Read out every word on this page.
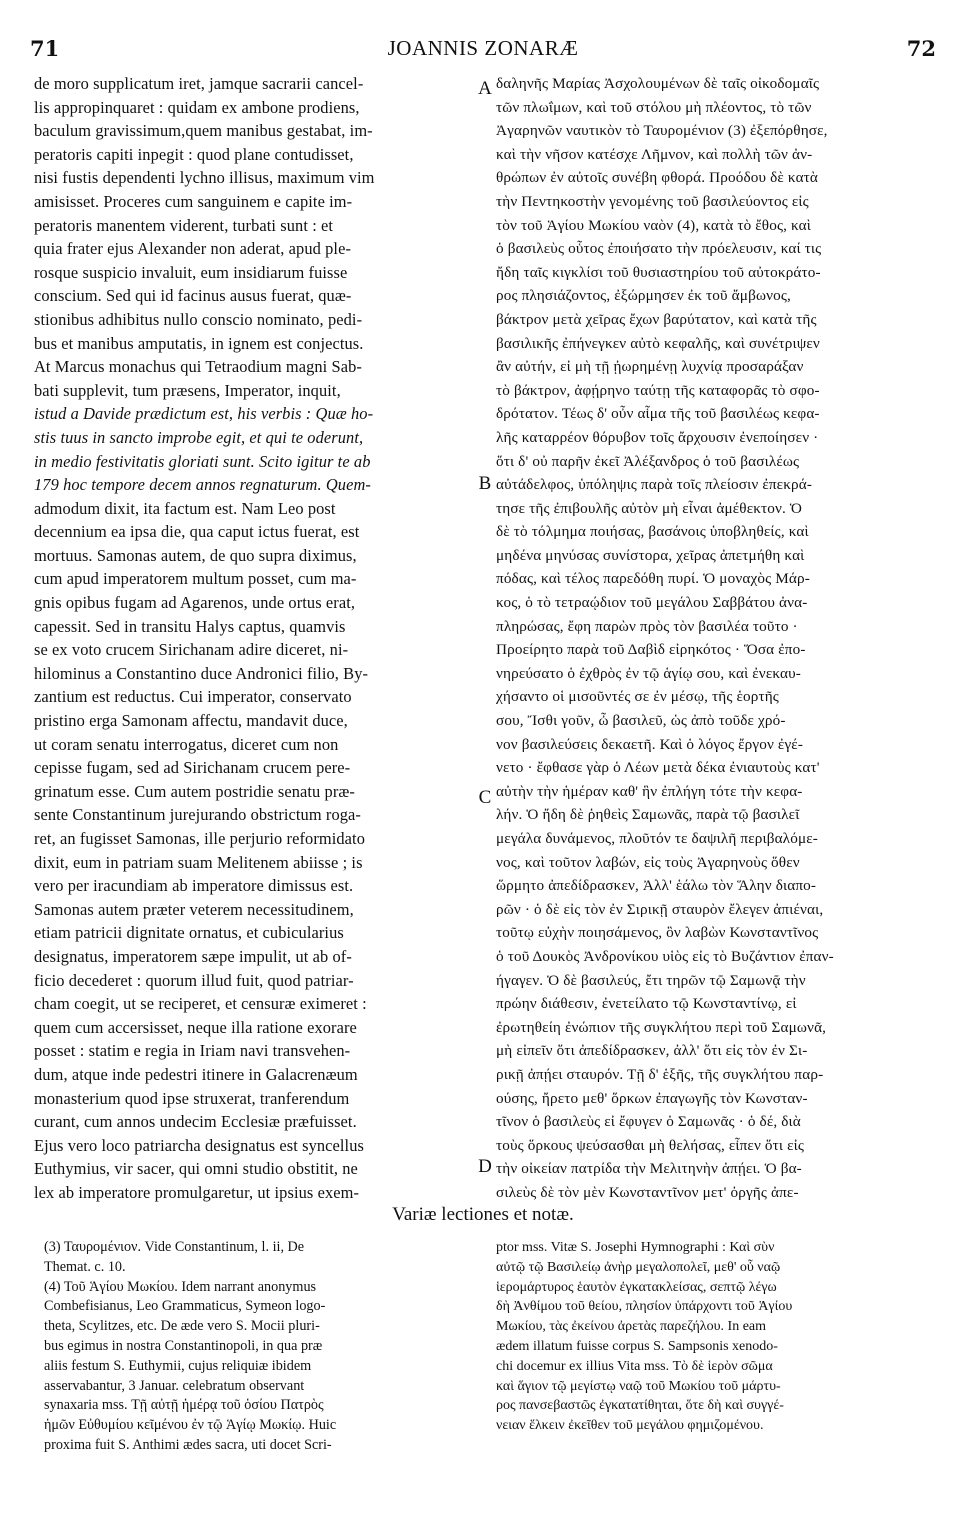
71	JOANNIS ZONARÆ	72
de moro supplicatum iret, jamque sacrarii cancel-
lis appropinquaret : quidam ex ambone prodiens,
baculum gravissimum,quem manibus gestabat, im-
peratoris capiti inpegit : quod plane contudisset,
nisi fustis dependenti lychno illisus, maximum vim
amisisset. Proceres cum sanguinem e capite im-
peratoris manentem viderent, turbati sunt : et
quia frater ejus Alexander non aderat, apud ple-
rosque suspicio invaluit, eum insidiarum fuisse
conscium. Sed qui id facinus ausus fuerat, quæ-
stionibus adhibitus nullo conscio nominato, pedi-
bus et manibus amputatis, in ignem est conjectus.
At Marcus monachus qui Tetraodium magni Sab-
bati supplevit, tum præsens, Imperator, inquit,
istud a Davide prædictum est, his verbis : Quæ ho-
stis tuus in sancto improbe egit, et qui te oderunt,
in medio festivitatis gloriati sunt. Scito igitur te ab
179 hoc tempore decem annos regnaturum. Quem-
admodum dixit, ita factum est. Nam Leo post
decennium ea ipsa die, qua caput ictus fuerat, est
mortuus. Samonas autem, de quo supra diximus,
cum apud imperatorem multum posset, cum ma-
gnis opibus fugam ad Agarenos, unde ortus erat,
capessit. Sed in transitu Halys captus, quamvis
se ex voto crucem Sirichanam adire diceret, ni-
hilominus a Constantino duce Andronici filio, By-
zantium est reductus. Cui imperator, conservato
pristino erga Samonam affectu, mandavit duce,
ut coram senatu interrogatus, diceret cum non
cepisse fugam, sed ad Sirichanam crucem pere-
grinatum esse. Cum autem postridie senatu præ-
sente Constantinum jurejurando obstrictum roga-
ret, an fugisset Samonas, ille perjurio reformidato
dixit, eum in patriam suam Melitenem abiisse ; is
vero per iracundiam ab imperatore dimissus est.
Samonas autem præter veterem necessitudinem,
etiam patricii dignitate ornatus, et cubicularius
designatus, imperatorem sæpe impulit, ut ab of-
ficio decederet : quorum illud fuit, quod patriar-
cham coegit, ut se reciperet, et censuræ eximeret :
quem cum accersisset, neque illa ratione exorare
posset : statim e regia in Iriam navi transvehen-
dum, atque inde pedestri itinere in Galacrenæum
monasterium quod ipse struxerat, tranferendum
curant, cum annos undecim Ecclesiæ præfuisset.
Ejus vero loco patriarcha designatus est syncellus
Euthymius, vir sacer, qui omni studio obstitit, ne
lex ab imperatore promulgaretur, ut ipsius exem-
δαληνῆς Μαρίας Ἀσχολουμένων δὲ ταῖς οἰκοδομαῖς
τῶν πλωΐμων, καὶ τοῦ στόλου μὴ πλέοντος, τὸ τῶν
Ἀγαρηνῶν ναυτικὸν τὸ Ταυρομένιον (3) ἐξεπόρθησε,
καὶ τὴν νῆσον κατέσχε Λῆμνον, καὶ πολλὴ τῶν ἀν-
θρώπων ἐν αὐτοῖς συνέβη φθορά. Προόδου δὲ κατὰ
τὴν Πεντηκοστὴν γενομένης τοῦ βασιλεύοντος εἰς
τὸν τοῦ Ἁγίου Μωκίου ναὸν (4), κατὰ τὸ ἔθος, καὶ
ὁ βασιλεὺς οὗτος ἐποιήσατο τὴν πρόελευσιν, καί τις
ἤδη ταῖς κιγκλίσι τοῦ θυσιαστηρίου τοῦ αὐτοκράτο-
ρος πλησιάζοντος, ἐξώρμησεν ἐκ τοῦ ἄμβωνος,
βάκτρον μετὰ χεῖρας ἔχων βαρύτατον, καὶ κατὰ τῆς
βασιλικῆς ἐπήνεγκεν αὐτὸ κεφαλῆς, καὶ συνέτριψεν
ἂν αὐτήν, εἰ μὴ τῇ ᾐωρημένῃ λυχνίᾳ προσαράξαν
τὸ βάκτρον, ἀφῄρηνο ταύτῃ τῆς καταφορᾶς τὸ σφο-
δρότατον. Τέως δ' οὖν αἷμα τῆς τοῦ βασιλέως κεφα-
λῆς καταρρέον θόρυβον τοῖς ἄρχουσιν ἐνεποίησεν ·
ὅτι δ' οὐ παρῆν ἐκεῖ Ἀλέξανδρος ὁ τοῦ βασιλέως
αὐτάδελφος, ὑπόληψις παρὰ τοῖς πλείοσιν ἐπεκρά-
τησε τῆς ἐπιβουλῆς αὐτὸν μὴ εἶναι ἀμέθεκτον. Ὁ
δὲ τὸ τόλμημα ποιήσας, βασάνοις ὑποβληθείς, καὶ
μηδένα μηνύσας συνίστορα, χεῖρας ἀπετμήθη καὶ
πόδας, καὶ τέλος παρεδόθη πυρί. Ὁ μοναχὸς Μάρ-
κος, ὁ τὸ τετραῴδιον τοῦ μεγάλου Σαββάτου ἀνα-
πληρώσας, ἔφη παρὼν πρὸς τὸν βασιλέα τοῦτο ·
Προείρητο παρὰ τοῦ Δαβὶδ εἰρηκότος · Ὅσα ἐπο-
νηρεύσατο ὁ ἐχθρὸς ἐν τῷ ἁγίῳ σου, καὶ ἐνεκαυ-
χήσαντο οἱ μισοῦντές σε ἐν μέσῳ, τῆς ἑορτῆς
σου, Ἴσθι γοῦν, ὦ βασιλεῦ, ὡς ἀπὸ τοῦδε χρό-
νον βασιλεύσεις δεκαετῆ. Καὶ ὁ λόγος ἔργον ἐγέ-
νετο · ἔφθασε γὰρ ὁ Λέων μετὰ δέκα ἐνιαυτοὺς κατ'
αὐτὴν τὴν ἡμέραν καθ' ἣν ἐπλήγη τότε τὴν κεφα-
λήν. Ὁ ἤδη δὲ ῥηθεὶς Σαμωνᾶς, παρὰ τῷ βασιλεῖ
μεγάλα δυνάμενος, πλοῦτόν τε δαψιλῆ περιβαλόμε-
νος, καὶ τοῦτον λαβών, εἰς τοὺς Ἀγαρηνοὺς ὅθεν
ὥρμητο ἀπεδίδρασκεν, Ἀλλ' ἑάλω τὸν Ἅλην διαπο-
ρῶν · ὁ δὲ εἰς τὸν ἐν Σιρικῇ σταυρὸν ἔλεγεν ἀπιέναι,
τοῦτῳ εὐχὴν ποιησάμενος, ὃν λαβὼν Κωνσταντῖνος
ὁ τοῦ Δουκὸς Ἀνδρονίκου υἱὸς εἰς τὸ Βυζάντιον ἐπαν-
ήγαγεν. Ὁ δὲ βασιλεύς, ἔτι τηρῶν τῷ Σαμωνᾷ τὴν
πρώην διάθεσιν, ἐνετείλατο τῷ Κωνσταντίνῳ, εἰ
ἐρωτηθείη ἐνώπιον τῆς συγκλήτου περὶ τοῦ Σαμωνᾶ,
μὴ εἰπεῖν ὅτι ἀπεδίδρασκεν, ἀλλ' ὅτι εἰς τὸν ἐν Σι-
ρικῇ ἀπῄει σταυρόν. Τῇ δ' ἑξῆς, τῆς συγκλήτου παρ-
ούσης, ἤρετο μεθ' ὅρκων ἐπαγωγῆς τὸν Κωνσταν-
τῖνον ὁ βασιλεὺς εἰ ἔφυγεν ὁ Σαμωνᾶς · ὁ δέ, διὰ
τοὺς ὅρκους ψεύσασθαι μὴ θελήσας, εἶπεν ὅτι εἰς
τὴν οἰκείαν πατρίδα τὴν Μελιτηνὴν ἀπῄει. Ὁ βα-
σιλεὺς δὲ τὸν μὲν Κωνσταντῖνον μετ' ὀργῆς ἀπε-
A
B
C
D
Variæ lectiones et notæ.
(3) Ταυρομένιον. Vide Constantinum, l. ii, De
Themat. c. 10.
(4) Τοῦ Ἁγίου Μωκίου. Idem narrant anonymus
Combefisianus, Leo Grammaticus, Symeon logo-
theta, Scylitzes, etc. De æde vero S. Mocii pluri-
bus egimus in nostra Constantinopoli, in qua præ
aliis festum S. Euthymii, cujus reliquiæ ibidem
asservabantur, 3 Januar. celebratum observant
synaxaria mss. Τῇ αὐτῇ ἡμέρᾳ τοῦ ὁσίου Πατρὸς
ἡμῶν Εὐθυμίου κεῖμένου ἐν τῷ Ἁγίῳ Μωκίῳ. Huic
proxima fuit S. Anthimi ædes sacra, uti docet Scri-
ptor mss. Vitæ S. Josephi Hymnographi : Καὶ σὺν
αὐτῷ τῷ Βασιλείῳ ἀνὴρ μεγαλοπολεῖ, μεθ' οὗ ναῷ
ἱερομάρτυρος ἑαυτὸν ἐγκατακλείσας, σεπτῷ λέγω
δὴ Ἀνθίμου τοῦ θείου, πλησίον ὑπάρχοντι τοῦ Ἁγίου
Μωκίου, τὰς ἐκείνου ἀρετὰς παρεζήλου. In eam
ædem illatum fuisse corpus S. Sampsonis xenodo-
chi docemur ex illius Vita mss. Τὸ δὲ ἱερὸν σῶμα
καὶ ἅγιον τῷ μεγίστῳ ναῷ τοῦ Μωκίου τοῦ μάρτυ-
ρος πανσεβαστῶς ἐγκατατίθηται, ὅτε δὴ καὶ συγγέ-
νειαν ἕλκειν ἐκεῖθεν τοῦ μεγάλου φημιζομένου.
